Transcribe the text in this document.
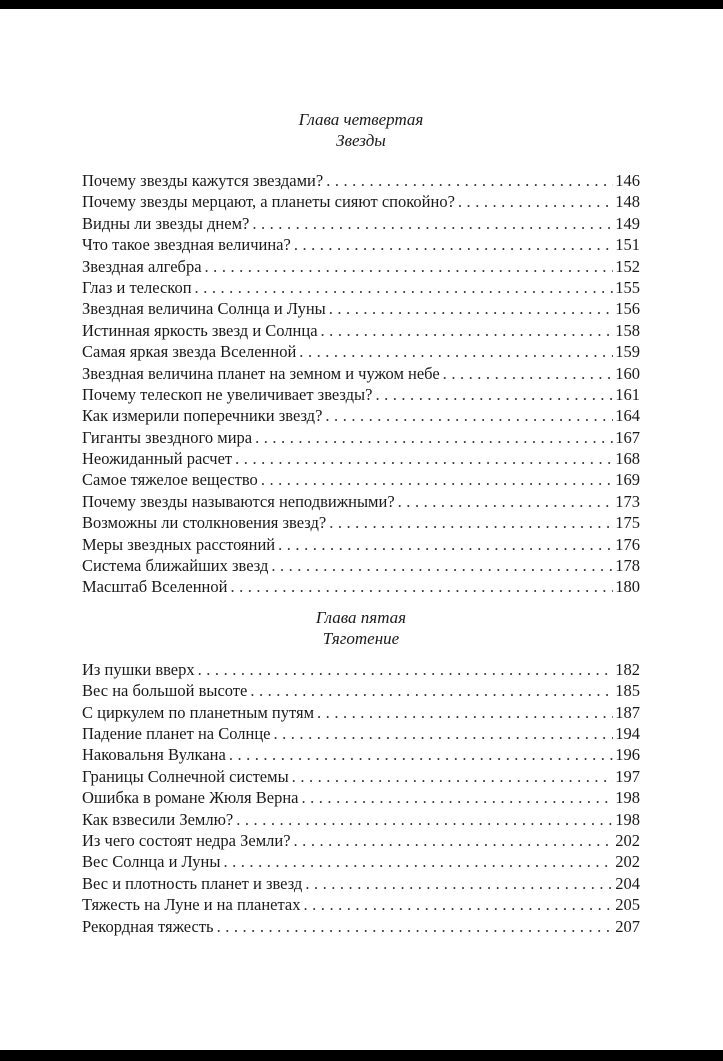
Глава четвертая
Звезды
Почему звезды кажутся звездами? . . .	146
Почему звезды мерцают, а планеты сияют спокойно? . . .	148
Видны ли звезды днем? . . .	149
Что такое звездная величина? . . .	151
Звездная алгебра . . .	152
Глаз и телескоп . . .	155
Звездная величина Солнца и Луны . . .	156
Истинная яркость звезд и Солнца . . .	158
Самая яркая звезда Вселенной . . .	159
Звездная величина планет на земном и чужом небе . . .	160
Почему телескоп не увеличивает звезды? . . .	161
Как измерили поперечники звезд? . . .	164
Гиганты звездного мира . . .	167
Неожиданный расчет . . .	168
Самое тяжелое вещество . . .	169
Почему звезды называются неподвижными? . . .	173
Возможны ли столкновения звезд? . . .	175
Меры звездных расстояний . . .	176
Система ближайших звезд . . .	178
Масштаб Вселенной . . .	180
Глава пятая
Тяготение
Из пушки вверх . . .	182
Вес на большой высоте . . .	185
С циркулем по планетным путям . . .	187
Падение планет на Солнце . . .	194
Наковальня Вулкана . . .	196
Границы Солнечной системы . . .	197
Ошибка в романе Жюля Верна . . .	198
Как взвесили Землю? . . .	198
Из чего состоят недра Земли? . . .	202
Вес Солнца и Луны . . .	202
Вес и плотность планет и звезд . . .	204
Тяжесть на Луне и на планетах . . .	205
Рекордная тяжесть . . .	207
